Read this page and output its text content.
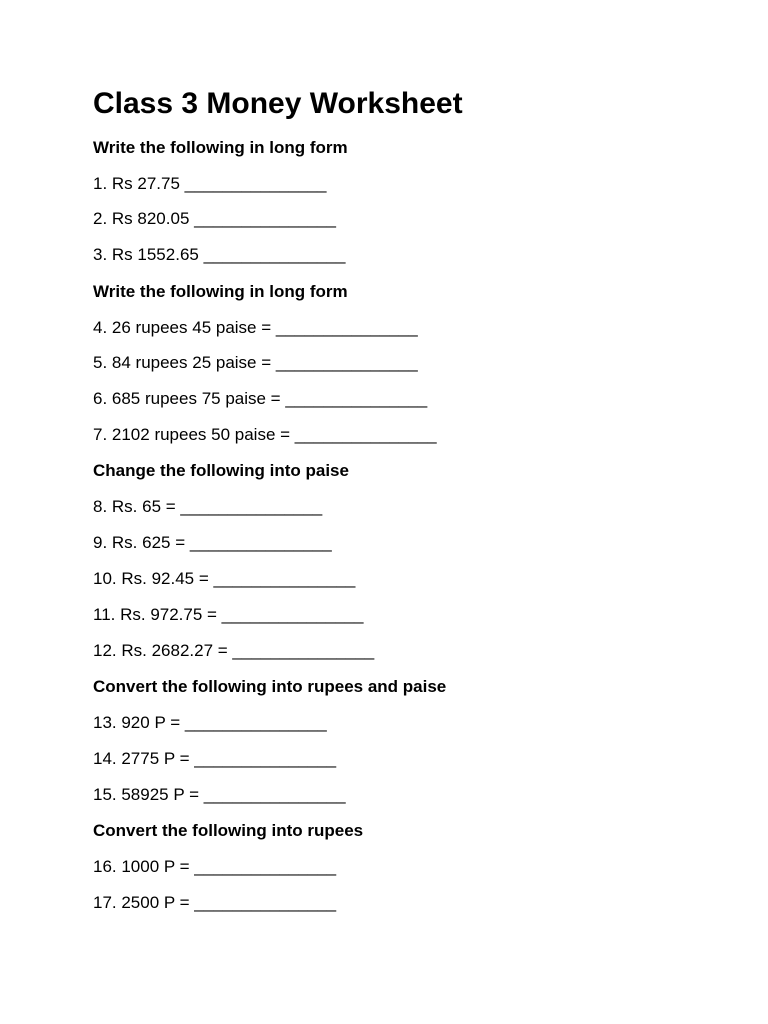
Class 3 Money Worksheet
Write the following in long form
1. Rs 27.75 _______________
2. Rs 820.05 _______________
3. Rs 1552.65 _______________
Write the following in long form
4. 26 rupees 45 paise = _______________
5. 84 rupees 25 paise = _______________
6. 685 rupees 75 paise = _______________
7. 2102 rupees 50 paise = _______________
Change the following into paise
8. Rs. 65 = _______________
9. Rs. 625 = _______________
10. Rs. 92.45 = _______________
11. Rs. 972.75 = _______________
12. Rs. 2682.27 = _______________
Convert the following into rupees and paise
13. 920 P = _______________
14. 2775 P = _______________
15. 58925 P = _______________
Convert the following into rupees
16. 1000 P = _______________
17. 2500 P = _______________
